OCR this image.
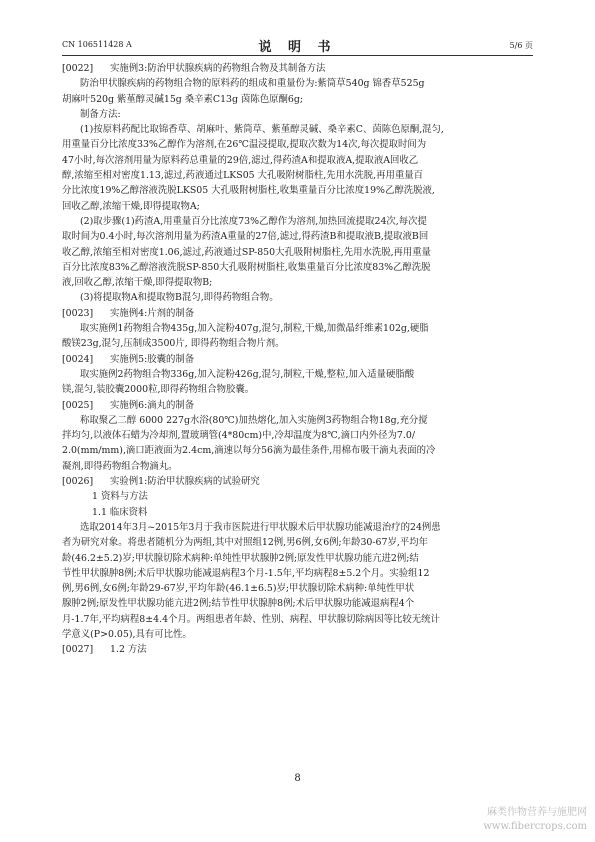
CN 106511428 A	说 明 书	5/6 页
[0022]	实施例3:防治甲状腺疾病的药物组合物及其制备方法
防治甲状腺疾病的药物组合物的原料药的组成和重量份为:紫筒草540g 锦香草525g
胡麻叶520g 紫堇醇灵碱15g 桑辛素C13g 茵陈色原酮6g;
制备方法:
(1)按原料药配比取锦香草、胡麻叶、紫筒草、紫堇醇灵碱、桑辛素C、茵陈色原酮,混匀,
用重量百分比浓度33%乙醇作为溶剂,在26℃温浸提取,提取次数为14次,每次提取时间为
47小时,每次溶剂用量为原料药总重量的29倍,滤过,得药渣A和提取液A,提取液A回收乙
醇,浓缩至相对密度1.13,滤过,药液通过LKS05 大孔吸附树脂柱,先用水洗脱,再用重量百
分比浓度19%乙醇溶液洗脱LKS05 大孔吸附树脂柱,收集重量百分比浓度19%乙醇洗脱液,
回收乙醇,浓缩干燥,即得提取物A;
(2)取步骤(1)药渣A,用重量百分比浓度73%乙醇作为溶剂,加热回流提取24次,每次提
取时间为0.4小时,每次溶剂用量为药渣A重量的27倍,滤过,得药渣B和提取液B,提取液B回
收乙醇,浓缩至相对密度1.06,滤过,药液通过SP-850大孔吸附树脂柱,先用水洗脱,再用重量
百分比浓度83%乙醇溶液洗脱SP-850大孔吸附树脂柱,收集重量百分比浓度83%乙醇洗脱
液,回收乙醇,浓缩干燥,即得提取物B;
(3)将提取物A和提取物B混匀,即得药物组合物。
[0023]	实施例4:片剂的制备
取实施例1药物组合物435g,加入淀粉407g,混匀,制粒,干燥,加微晶纤维素102g,硬脂
酸镁23g,混匀,压制成3500片, 即得药物组合物片剂。
[0024]	实施例5:胶囊的制备
取实施例2药物组合物336g,加入淀粉426g,混匀,制粒,干燥,整粒,加入适量硬脂酸
镁,混匀,装胶囊2000粒,即得药物组合物胶囊。
[0025]	实施例6:滴丸的制备
称取聚乙二醇 6000 227g水浴(80℃)加热熔化,加入实施例3药物组合物18g,充分搅
拌均匀,以液体石蜡为冷却剂,置玻璃管(4*80cm)中,冷却温度为8℃,滴口内外径为7.0/
2.0(mm/mm),滴口距液面为2.4cm,滴速以每分56滴为最佳条件,用棉布吸干滴丸表面的冷
凝剂,即得药物组合物滴丸。
[0026]	实验例1:防治甲状腺疾病的试验研究
1 资料与方法
1.1 临床资料
选取2014年3月~2015年3月于我市医院进行甲状腺术后甲状腺功能减退治疗的24例患
者为研究对象。将患者随机分为两组,其中对照组12例,男6例,女6例;年龄30-67岁,平均年
龄(46.2±5.2)岁;甲状腺切除术病种:单纯性甲状腺肿2例;原发性甲状腺功能亢进2例;结
节性甲状腺肿8例;术后甲状腺功能减退病程3个月-1.5年,平均病程8±5.2个月。实验组12
例,男6例,女6例;年龄29-67岁,平均年龄(46.1±6.5)岁;甲状腺切除术病种:单纯性甲状
腺肿2例;原发性甲状腺功能亢进2例;结节性甲状腺肿8例;术后甲状腺功能减退病程4个
月-1.7年,平均病程8±4.4个月。两组患者年龄、性别、病程、甲状腺切除病因等比较无统计
学意义(P>0.05),具有可比性。
[0027]	1.2 方法
8
麻类作物营养与施肥网
www.fibercrops.com
